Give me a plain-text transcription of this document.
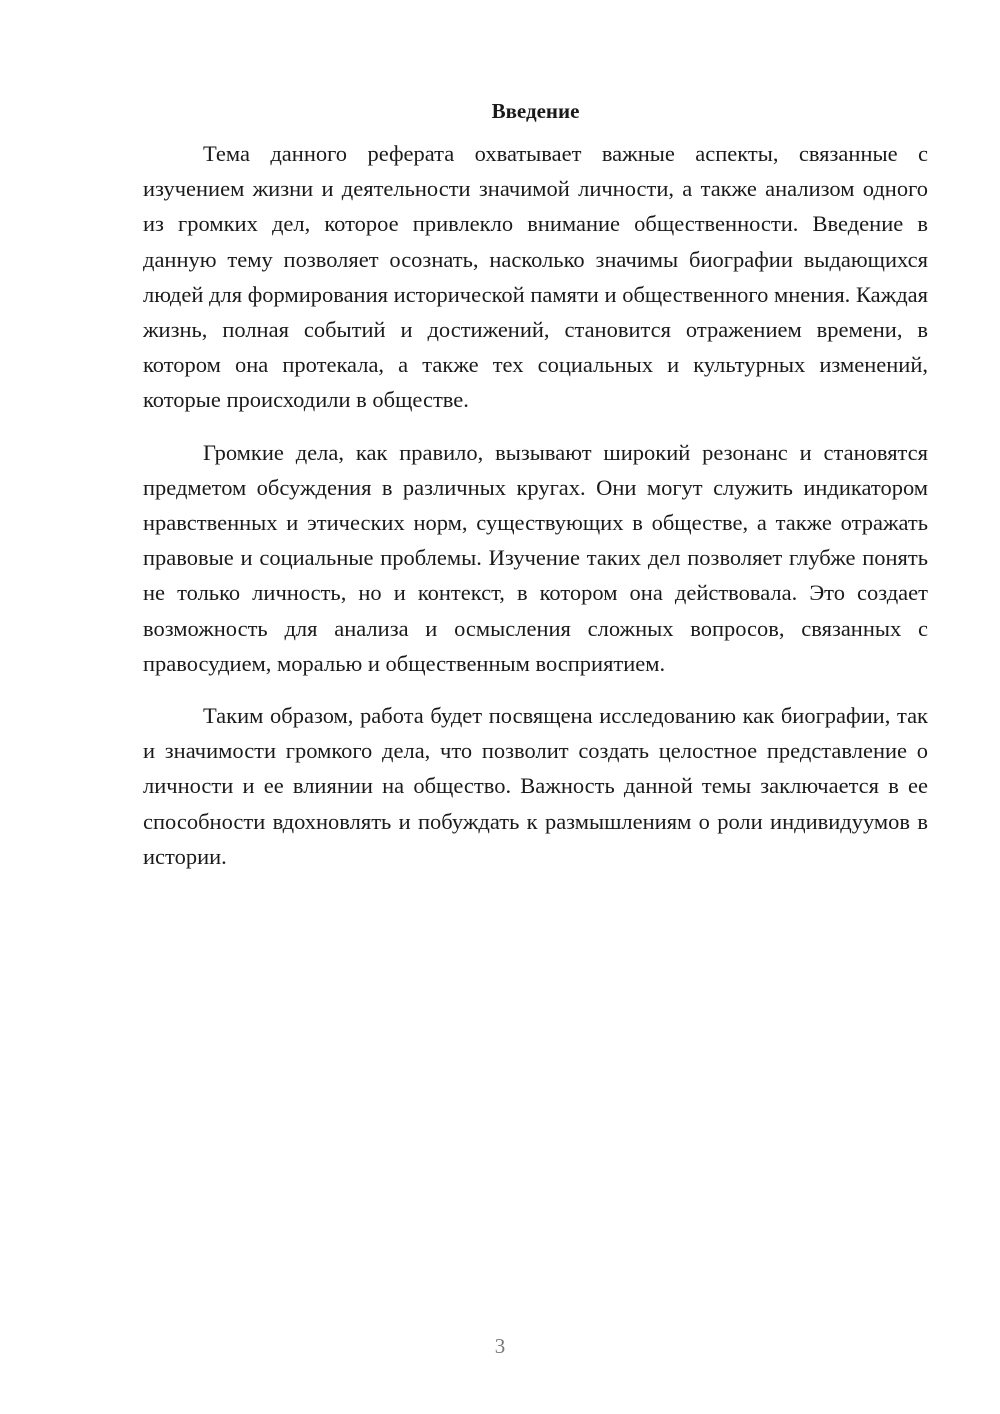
Введение

Тема данного реферата охватывает важные аспекты, связанные с изучением жизни и деятельности значимой личности, а также анализом одного из громких дел, которое привлекло внимание общественности. Введение в данную тему позволяет осознать, насколько значимы биографии выдающихся людей для формирования исторической памяти и общественного мнения. Каждая жизнь, полная событий и достижений, становится отражением времени, в котором она протекала, а также тех социальных и культурных изменений, которые происходили в обществе.

Громкие дела, как правило, вызывают широкий резонанс и становятся предметом обсуждения в различных кругах. Они могут служить индикатором нравственных и этических норм, существующих в обществе, а также отражать правовые и социальные проблемы. Изучение таких дел позволяет глубже понять не только личность, но и контекст, в котором она действовала. Это создает возможность для анализа и осмысления сложных вопросов, связанных с правосудием, моралью и общественным восприятием.

Таким образом, работа будет посвящена исследованию как биографии, так и значимости громкого дела, что позволит создать целостное представление о личности и ее влиянии на общество. Важность данной темы заключается в ее способности вдохновлять и побуждать к размышлениям о роли индивидуумов в истории.

3
